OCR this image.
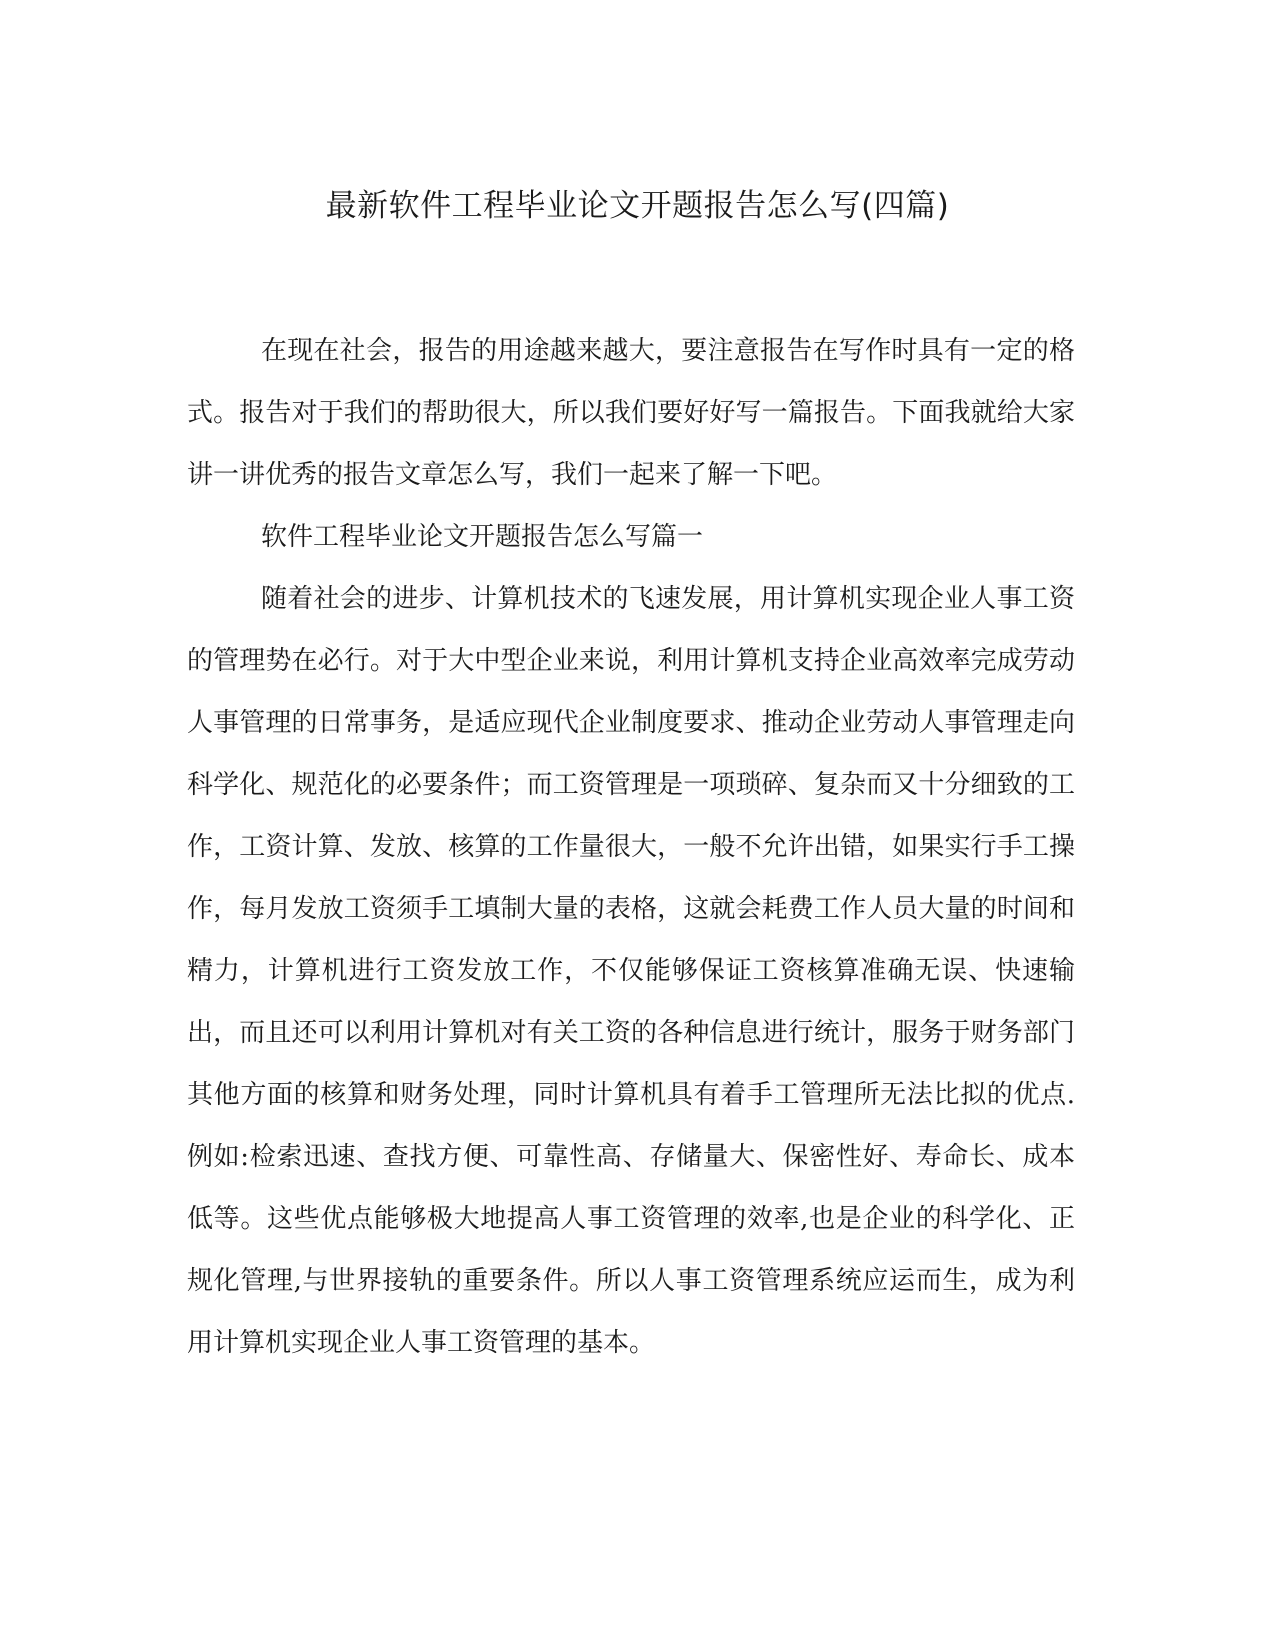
最新软件工程毕业论文开题报告怎么写(四篇)

在现在社会，报告的用途越来越大，要注意报告在写作时具有一定的格式。报告对于我们的帮助很大，所以我们要好好写一篇报告。下面我就给大家讲一讲优秀的报告文章怎么写，我们一起来了解一下吧。

软件工程毕业论文开题报告怎么写篇一

随着社会的进步、计算机技术的飞速发展，用计算机实现企业人事工资的管理势在必行。对于大中型企业来说，利用计算机支持企业高效率完成劳动人事管理的日常事务，是适应现代企业制度要求、推动企业劳动人事管理走向科学化、规范化的必要条件；而工资管理是一项琐碎、复杂而又十分细致的工作，工资计算、发放、核算的工作量很大，一般不允许出错，如果实行手工操作，每月发放工资须手工填制大量的表格，这就会耗费工作人员大量的时间和精力，计算机进行工资发放工作，不仅能够保证工资核算准确无误、快速输出，而且还可以利用计算机对有关工资的各种信息进行统计，服务于财务部门其他方面的核算和财务处理，同时计算机具有着手工管理所无法比拟的优点.例如:检索迅速、查找方便、可靠性高、存储量大、保密性好、寿命长、成本低等。这些优点能够极大地提高人事工资管理的效率,也是企业的科学化、正规化管理,与世界接轨的重要条件。所以人事工资管理系统应运而生，成为利用计算机实现企业人事工资管理的基本。
